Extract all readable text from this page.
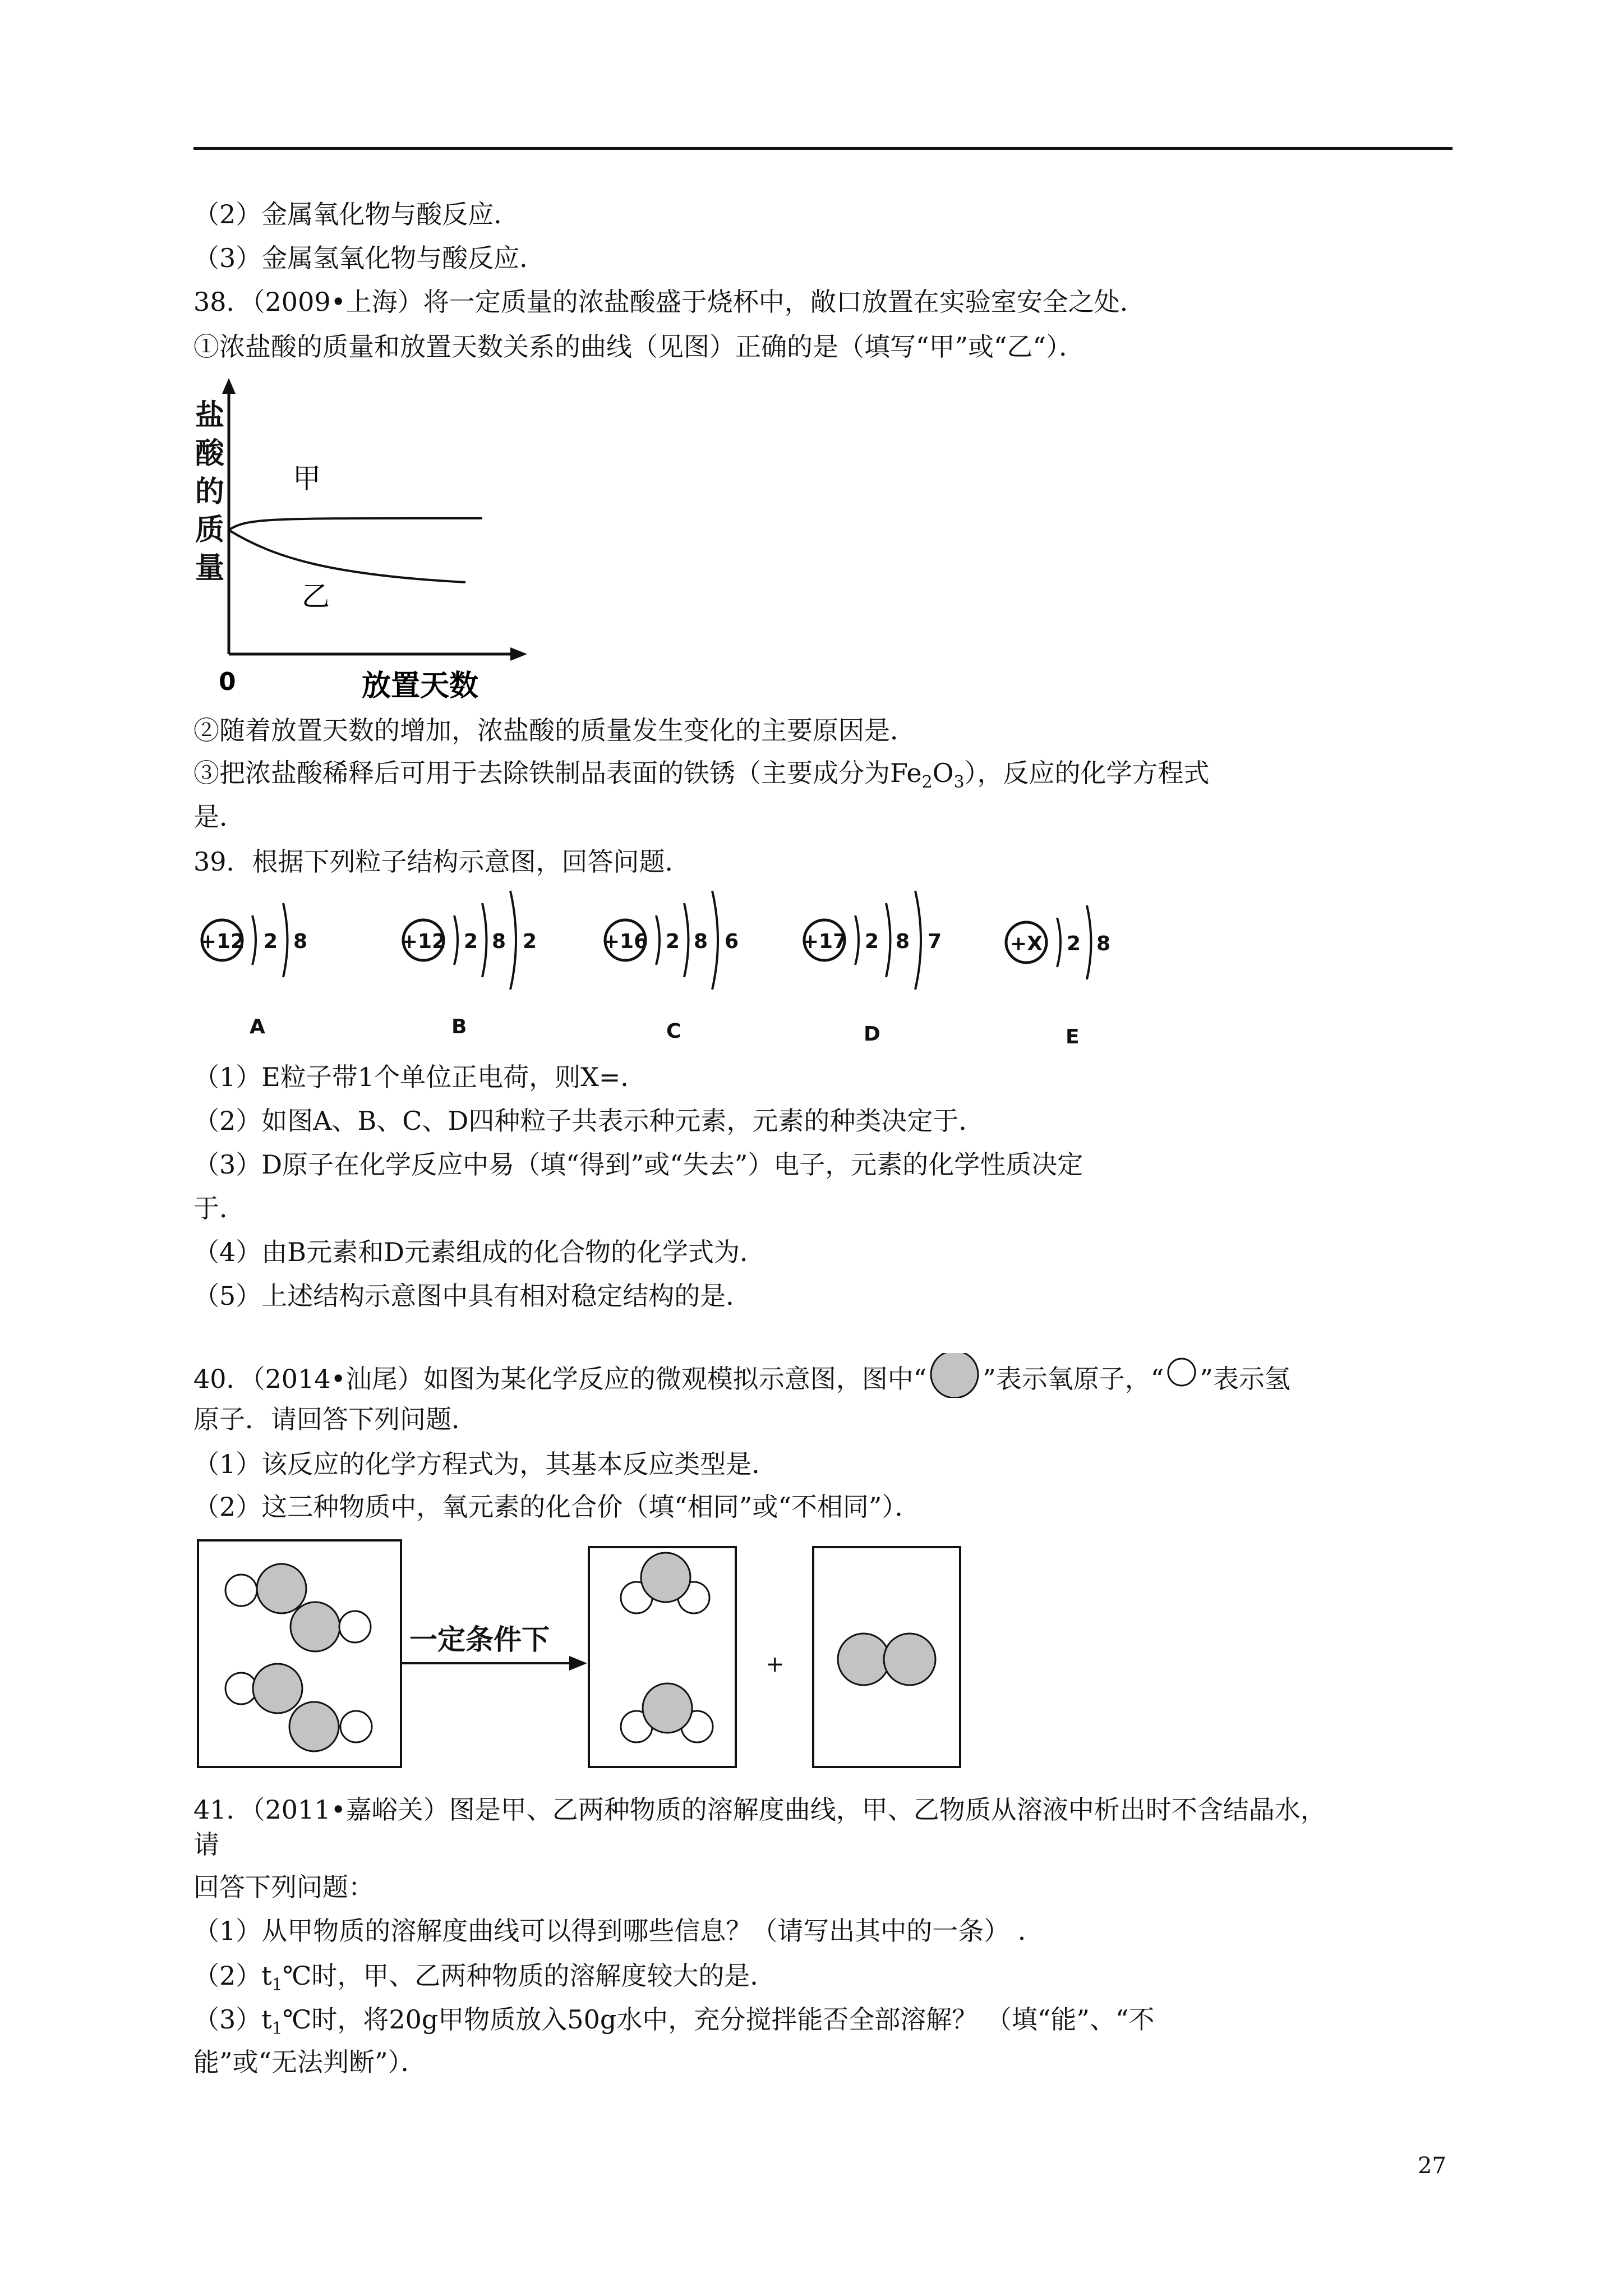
（2）金属氧化物与酸反应．
（3）金属氢氧化物与酸反应．
38．（2009•上海）将一定质量的浓盐酸盛于烧杯中，敞口放置在实验室安全之处．
①浓盐酸的质量和放置天数关系的曲线（见图）正确的是（填写“甲”或“乙“）．
盐
酸
的
质
量
甲
乙
0	放置天数
②随着放置天数的增加，浓盐酸的质量发生变化的主要原因是．
③把浓盐酸稀释后可用于去除铁制品表面的铁锈（主要成分为$Fe_2O_3$），反应的化学方程式
是．
39．根据下列粒子结构示意图，回答问题．
+12 2 8
A
+12 2 8 2
B
+16 2 8 6
C
+17 2 8 7
D
+X 2 8
E
（1）E粒子带1个单位正电荷，则X=．
（2）如图A、B、C、D四种粒子共表示种元素，元素的种类决定于．
（3）D原子在化学反应中易（填“得到”或“失去”）电子，元素的化学性质决定
于．
（4）由B元素和D元素组成的化合物的化学式为．
（5）上述结构示意图中具有相对稳定结构的是．
40．（2014•汕尾）如图为某化学反应的微观模拟示意图，图中“ ”表示氧原子，“ ”表示氢
原子．请回答下列问题．
（1）该反应的化学方程式为，其基本反应类型是．
（2）这三种物质中，氧元素的化合价（填“相同”或“不相同”）．
一定条件下
+
41．（2011•嘉峪关）图是甲、乙两种物质的溶解度曲线，甲、乙物质从溶液中析出时不含结晶水，
请
回答下列问题：
（1）从甲物质的溶解度曲线可以得到哪些信息？（请写出其中的一条） ．
$(2)t_1℃$时，甲、乙两种物质的溶解度较大的是．
$(3)t_1℃$时，将20g甲物质放入50g水中，充分搅拌能否全部溶解？ （填“能”、“不
能”或“无法判断”）．
27
